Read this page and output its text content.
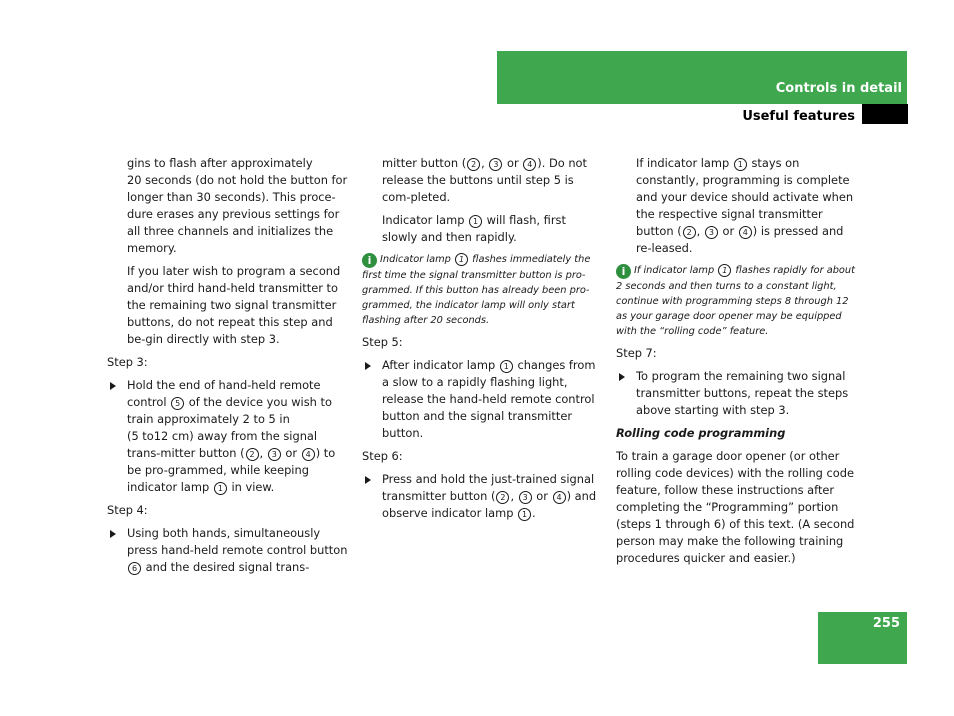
Controls in detail
Useful features

gins to flash after approximately
20 seconds (do not hold the button for longer than 30 seconds). This proce-dure erases any previous settings for all three channels and initializes the memory.

If you later wish to program a second and/or third hand-held transmitter to the remaining two signal transmitter buttons, do not repeat this step and be-gin directly with step 3.

Step 3:

Hold the end of hand-held remote control 5 of the device you wish to train approximately 2 to 5 in
(5 to12 cm) away from the signal trans-mitter button ( 2 , 3 or 4 ) to be pro-grammed, while keeping indicator lamp 1 in view.

Step 4:

Using both hands, simultaneously press hand-held remote control button 6 and the desired signal trans-

mitter button ( 2 , 3 or 4 ). Do not release the buttons until step 5 is com-pleted.

Indicator lamp 1 will flash, first slowly and then rapidly.

i Indicator lamp 1 flashes immediately the first time the signal transmitter button is pro-grammed. If this button has already been pro-grammed, the indicator lamp will only start flashing after 20 seconds.

Step 5:

After indicator lamp 1 changes from a slow to a rapidly flashing light, release the hand-held remote control button and the signal transmitter button.

Step 6:

Press and hold the just-trained signal transmitter button ( 2 , 3 or 4 ) and observe indicator lamp 1 .

If indicator lamp 1 stays on constantly, programming is complete and your device should activate when the respective signal transmitter button ( 2 , 3 or 4 ) is pressed and re-leased.

i If indicator lamp 1 flashes rapidly for about 2 seconds and then turns to a constant light, continue with programming steps 8 through 12 as your garage door opener may be equipped with the “rolling code” feature.

Step 7:

To program the remaining two signal transmitter buttons, repeat the steps above starting with step 3.

Rolling code programming

To train a garage door opener (or other rolling code devices) with the rolling code feature, follow these instructions after completing the “Programming” portion (steps 1 through 6) of this text. (A second person may make the following training procedures quicker and easier.)

255
